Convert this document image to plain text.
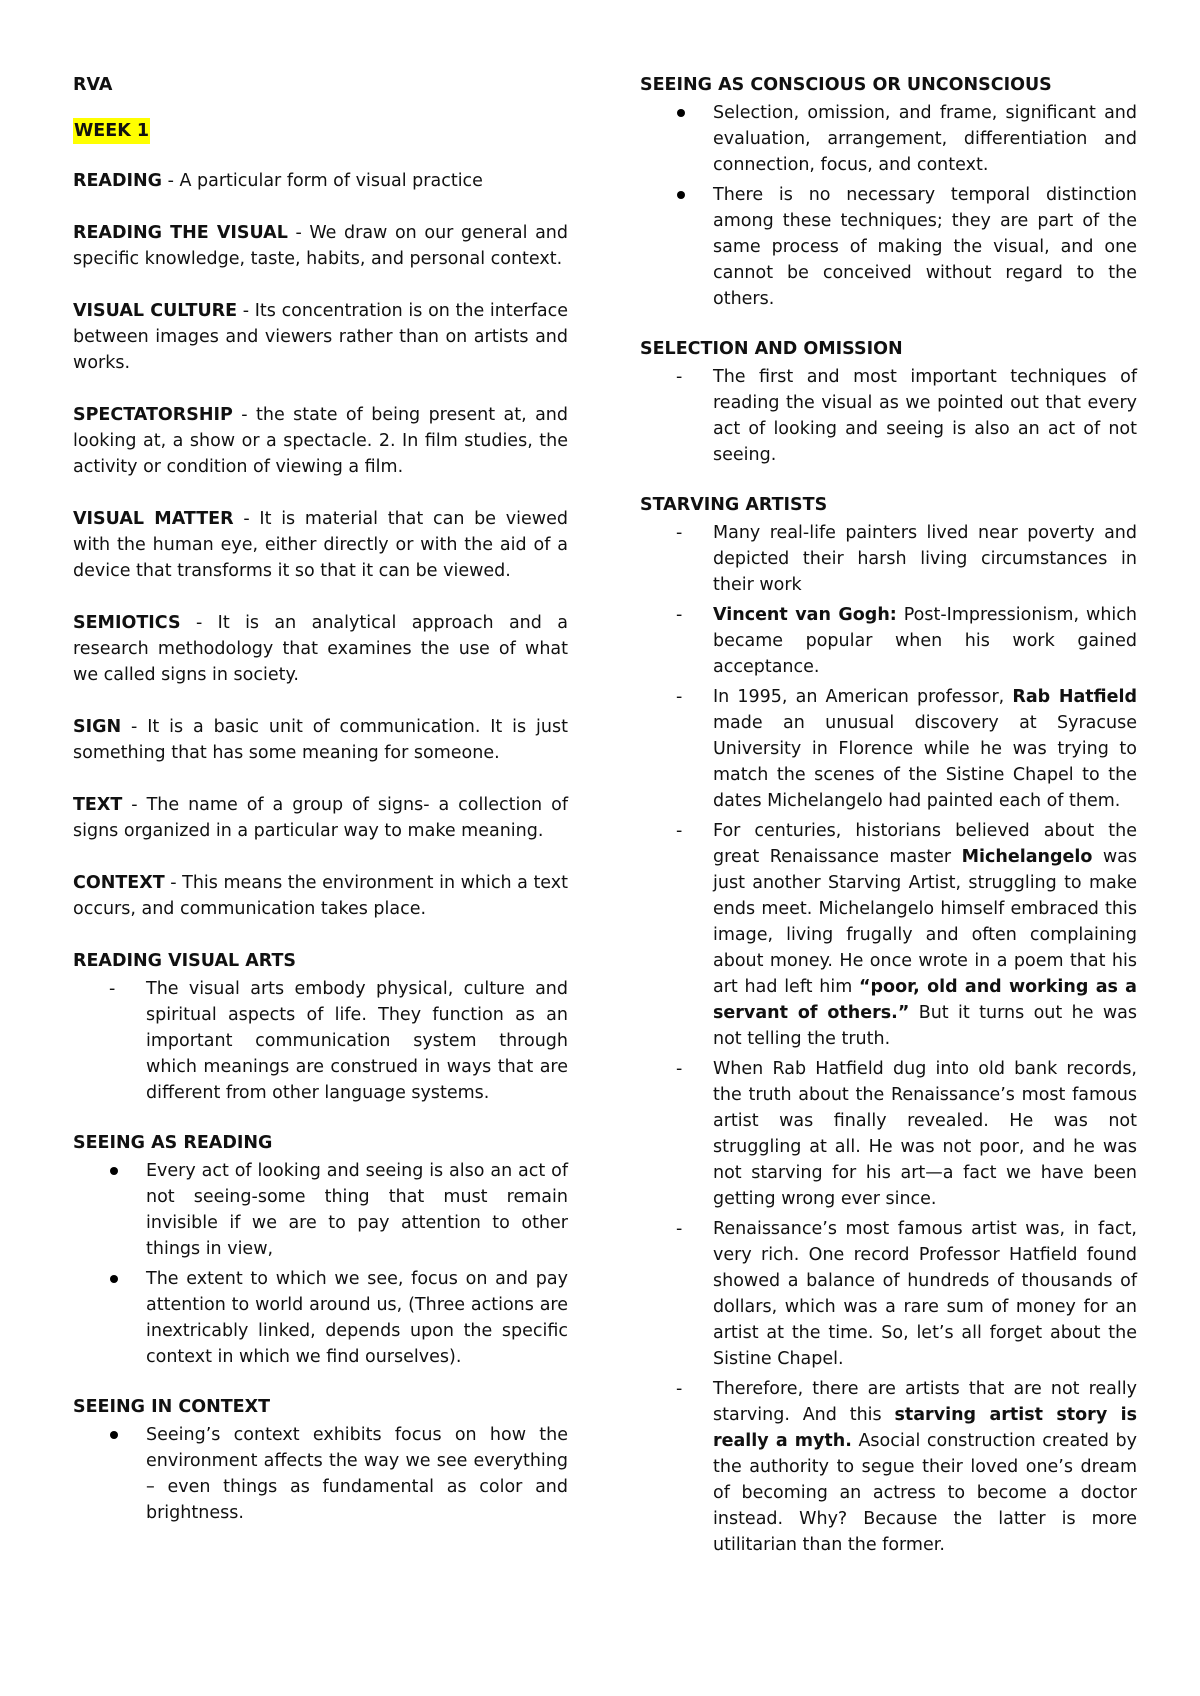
RVA

WEEK 1

READING - A particular form of visual practice

READING THE VISUAL - We draw on our general and specific knowledge, taste, habits, and personal context.

VISUAL CULTURE - Its concentration is on the interface between images and viewers rather than on artists and works.

SPECTATORSHIP - the state of being present at, and looking at, a show or a spectacle. 2. In film studies, the activity or condition of viewing a film.

VISUAL MATTER - It is material that can be viewed with the human eye, either directly or with the aid of a device that transforms it so that it can be viewed.

SEMIOTICS - It is an analytical approach and a research methodology that examines the use of what we called signs in society.

SIGN - It is a basic unit of communication. It is just something that has some meaning for someone.

TEXT - The name of a group of signs- a collection of signs organized in a particular way to make meaning.

CONTEXT - This means the environment in which a text occurs, and communication takes place.

READING VISUAL ARTS

- The visual arts embody physical, culture and spiritual aspects of life. They function as an important communication system through which meanings are construed in ways that are different from other language systems.

SEEING AS READING

Every act of looking and seeing is also an act of not seeing-some thing that must remain invisible if we are to pay attention to other things in view,
The extent to which we see, focus on and pay attention to world around us, (Three actions are inextricably linked, depends upon the specific context in which we find ourselves).

SEEING IN CONTEXT

Seeing’s context exhibits focus on how the environment affects the way we see everything – even things as fundamental as color and brightness.

SEEING AS CONSCIOUS OR UNCONSCIOUS

Selection, omission, and frame, significant and evaluation, arrangement, differentiation and connection, focus, and context.
There is no necessary temporal distinction among these techniques; they are part of the same process of making the visual, and one cannot be conceived without regard to the others.

SELECTION AND OMISSION

- The first and most important techniques of reading the visual as we pointed out that every act of looking and seeing is also an act of not seeing.

STARVING ARTISTS

- Many real-life painters lived near poverty and depicted their harsh living circumstances in their work
- Vincent van Gogh: Post-Impressionism, which became popular when his work gained acceptance.
- In 1995, an American professor, Rab Hatfield made an unusual discovery at Syracuse University in Florence while he was trying to match the scenes of the Sistine Chapel to the dates Michelangelo had painted each of them.
- For centuries, historians believed about the great Renaissance master Michelangelo was just another Starving Artist, struggling to make ends meet. Michelangelo himself embraced this image, living frugally and often complaining about money. He once wrote in a poem that his art had left him “poor, old and working as a servant of others.” But it turns out he was not telling the truth.
- When Rab Hatfield dug into old bank records, the truth about the Renaissance’s most famous artist was finally revealed. He was not struggling at all. He was not poor, and he was not starving for his art—a fact we have been getting wrong ever since.
- Renaissance’s most famous artist was, in fact, very rich. One record Professor Hatfield found showed a balance of hundreds of thousands of dollars, which was a rare sum of money for an artist at the time. So, let’s all forget about the Sistine Chapel.
- Therefore, there are artists that are not really starving. And this starving artist story is really a myth. Asocial construction created by the authority to segue their loved one’s dream of becoming an actress to become a doctor instead. Why? Because the latter is more utilitarian than the former.
